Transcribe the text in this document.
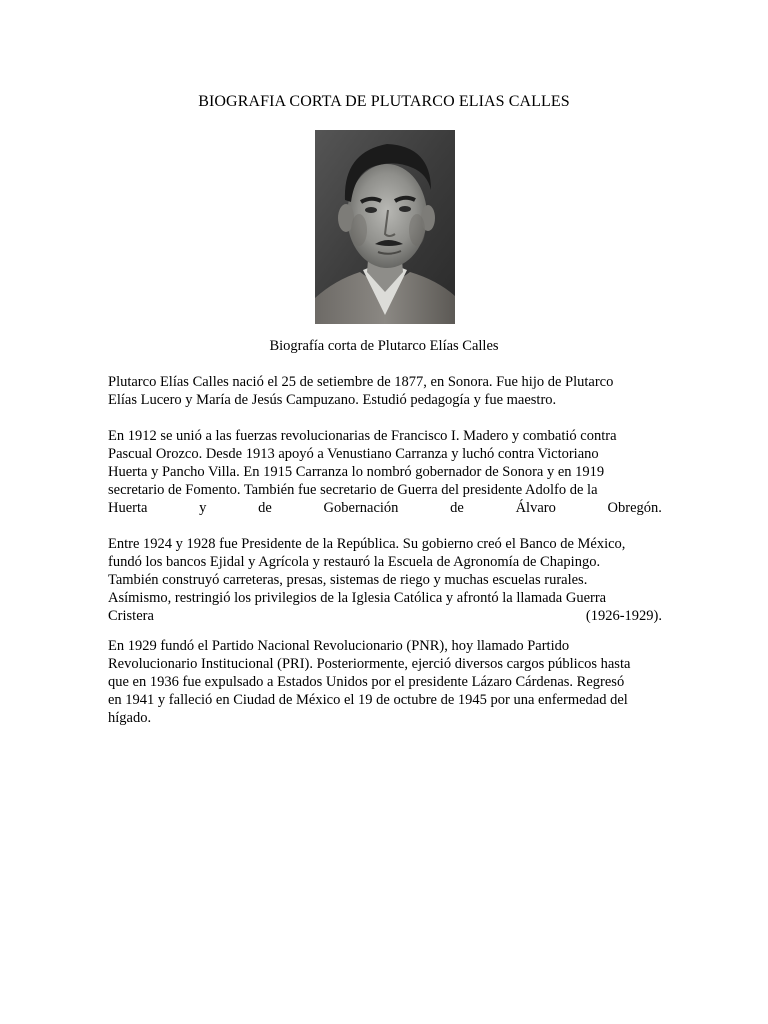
BIOGRAFIA CORTA DE PLUTARCO ELIAS CALLES
Biografía corta de Plutarco Elías Calles
Plutarco Elías Calles nació el 25 de setiembre de 1877, en Sonora. Fue hijo de Plutarco
Elías Lucero y María de Jesús Campuzano. Estudió pedagogía y fue maestro.
En 1912 se unió a las fuerzas revolucionarias de Francisco I. Madero y combatió contra
Pascual Orozco. Desde 1913 apoyó a Venustiano Carranza y luchó contra Victoriano
Huerta y Pancho Villa. En 1915 Carranza lo nombró gobernador de Sonora y en 1919
secretario de Fomento. También fue secretario de Guerra del presidente Adolfo de la
Huerta	y	de	Gobernación	de	Álvaro	Obregón.
Entre 1924 y 1928 fue Presidente de la República. Su gobierno creó el Banco de México,
fundó los bancos Ejidal y Agrícola y restauró la Escuela de Agronomía de Chapingo.
También construyó carreteras, presas, sistemas de riego y muchas escuelas rurales.
Asímismo, restringió los privilegios de la Iglesia Católica y afrontó la llamada Guerra
Cristera	(1926-1929).
En 1929 fundó el Partido Nacional Revolucionario (PNR), hoy llamado Partido
Revolucionario Institucional (PRI). Posteriormente, ejerció diversos cargos públicos hasta
que en 1936 fue expulsado a Estados Unidos por el presidente Lázaro Cárdenas. Regresó
en 1941 y falleció en Ciudad de México el 19 de octubre de 1945 por una enfermedad del
hígado.
